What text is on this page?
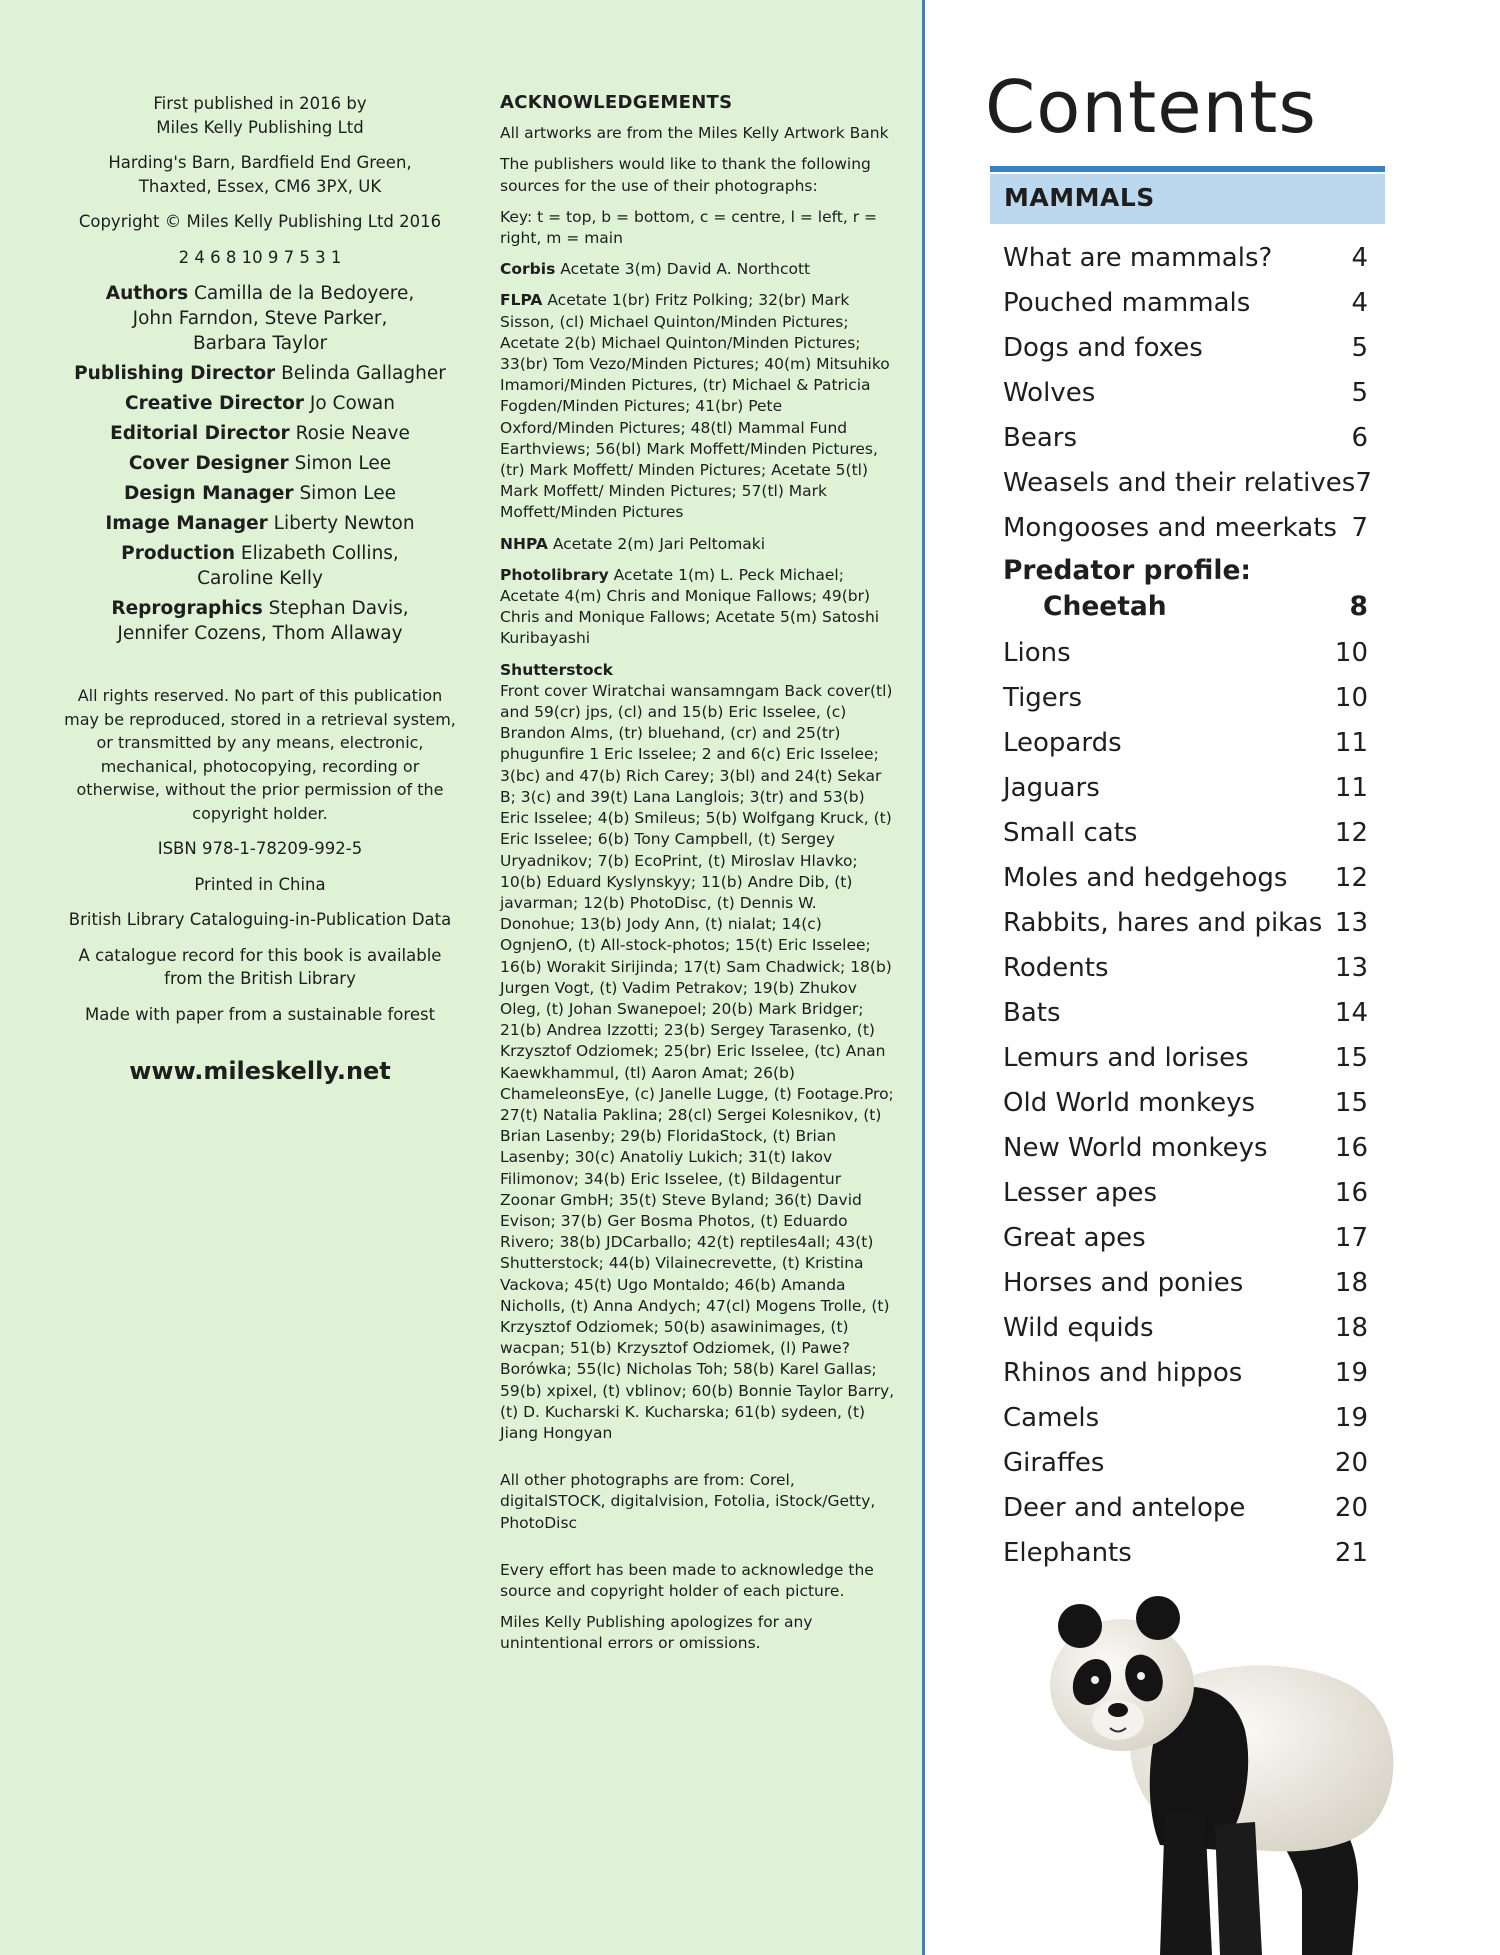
First published in 2016 by

Miles Kelly Publishing Ltd

Harding's Barn, Bardfield End Green,

Thaxted, Essex, CM6 3PX, UK

Copyright © Miles Kelly Publishing Ltd 2016

2 4 6 8 10 9 7 5 3 1

Authors Camilla de la Bedoyere,

John Farndon, Steve Parker,

Barbara Taylor

Publishing Director Belinda Gallagher

Creative Director Jo Cowan

Editorial Director Rosie Neave

Cover Designer Simon Lee

Design Manager Simon Lee

Image Manager Liberty Newton

Production Elizabeth Collins,

Caroline Kelly

Reprographics Stephan Davis,

Jennifer Cozens, Thom Allaway

All rights reserved. No part of this publication may be reproduced, stored in a retrieval system, or transmitted by any means, electronic, mechanical, photocopying, recording or otherwise, without the prior permission of the copyright holder.

ISBN 978-1-78209-992-5

Printed in China

British Library Cataloguing-in-Publication Data

A catalogue record for this book is available from the British Library

Made with paper from a sustainable forest

www.mileskelly.net

ACKNOWLEDGEMENTS

All artworks are from the Miles Kelly Artwork Bank

The publishers would like to thank the following sources for the use of their photographs:

Key: t = top, b = bottom, c = centre, l = left, r = right, m = main

Corbis Acetate 3(m) David A. Northcott

FLPA Acetate 1(br) Fritz Polking; 32(br) Mark Sisson, (cl) Michael Quinton/Minden Pictures; Acetate 2(b) Michael Quinton/Minden Pictures; 33(br) Tom Vezo/Minden Pictures; 40(m) Mitsuhiko Imamori/Minden Pictures, (tr) Michael & Patricia Fogden/Minden Pictures; 41(br) Pete Oxford/Minden Pictures; 48(tl) Mammal Fund Earthviews; 56(bl) Mark Moffett/Minden Pictures, (tr) Mark Moffett/ Minden Pictures; Acetate 5(tl) Mark Moffett/ Minden Pictures; 57(tl) Mark Moffett/Minden Pictures

NHPA Acetate 2(m) Jari Peltomaki

Photolibrary Acetate 1(m) L. Peck Michael; Acetate 4(m) Chris and Monique Fallows; 49(br) Chris and Monique Fallows; Acetate 5(m) Satoshi Kuribayashi

Shutterstock
Front cover Wiratchai wansamngam Back cover(tl) and 59(cr) jps, (cl) and 15(b) Eric Isselee, (c) Brandon Alms, (tr) bluehand, (cr) and 25(tr) phugunfire 1 Eric Isselee; 2 and 6(c) Eric Isselee; 3(bc) and 47(b) Rich Carey; 3(bl) and 24(t) Sekar B; 3(c) and 39(t) Lana Langlois; 3(tr) and 53(b) Eric Isselee; 4(b) Smileus; 5(b) Wolfgang Kruck, (t) Eric Isselee; 6(b) Tony Campbell, (t) Sergey Uryadnikov; 7(b) EcoPrint, (t) Miroslav Hlavko; 10(b) Eduard Kyslynskyy; 11(b) Andre Dib, (t) javarman; 12(b) PhotoDisc, (t) Dennis W. Donohue; 13(b) Jody Ann, (t) nialat; 14(c) OgnjenO, (t) All-stock-photos; 15(t) Eric Isselee; 16(b) Worakit Sirijinda; 17(t) Sam Chadwick; 18(b) Jurgen Vogt, (t) Vadim Petrakov; 19(b) Zhukov Oleg, (t) Johan Swanepoel; 20(b) Mark Bridger; 21(b) Andrea Izzotti; 23(b) Sergey Tarasenko, (t) Krzysztof Odziomek; 25(br) Eric Isselee, (tc) Anan Kaewkhammul, (tl) Aaron Amat; 26(b) ChameleonsEye, (c) Janelle Lugge, (t) Footage.Pro; 27(t) Natalia Paklina; 28(cl) Sergei Kolesnikov, (t) Brian Lasenby; 29(b) FloridaStock, (t) Brian Lasenby; 30(c) Anatoliy Lukich; 31(t) Iakov Filimonov; 34(b) Eric Isselee, (t) Bildagentur Zoonar GmbH; 35(t) Steve Byland; 36(t) David Evison; 37(b) Ger Bosma Photos, (t) Eduardo Rivero; 38(b) JDCarballo; 42(t) reptiles4all; 43(t) Shutterstock; 44(b) Vilainecrevette, (t) Kristina Vackova; 45(t) Ugo Montaldo; 46(b) Amanda Nicholls, (t) Anna Andych; 47(cl) Mogens Trolle, (t) Krzysztof Odziomek; 50(b) asawinimages, (t) wacpan; 51(b) Krzysztof Odziomek, (l) Pawe? Borówka; 55(lc) Nicholas Toh; 58(b) Karel Gallas; 59(b) xpixel, (t) vblinov; 60(b) Bonnie Taylor Barry, (t) D. Kucharski K. Kucharska; 61(b) sydeen, (t) Jiang Hongyan

All other photographs are from: Corel, digitalSTOCK, digitalvision, Fotolia, iStock/Getty, PhotoDisc

Every effort has been made to acknowledge the source and copyright holder of each picture.

Miles Kelly Publishing apologizes for any unintentional errors or omissions.

Contents
MAMMALS
What are mammals?	4
Pouched mammals	4
Dogs and foxes	5
Wolves	5
Bears	6
Weasels and their relatives 7
Mongooses and meerkats 7
Predator profile:
Cheetah	8
Lions	10
Tigers	10
Leopards	11
Jaguars	11
Small cats	12
Moles and hedgehogs 12
Rabbits, hares and pikas 13
Rodents	13
Bats	14
Lemurs and lorises	15
Old World monkeys	15
New World monkeys	16
Lesser apes	16
Great apes	17
Horses and ponies	18
Wild equids	18
Rhinos and hippos	19
Camels	19
Giraffes	20
Deer and antelope	20
Elephants	21
